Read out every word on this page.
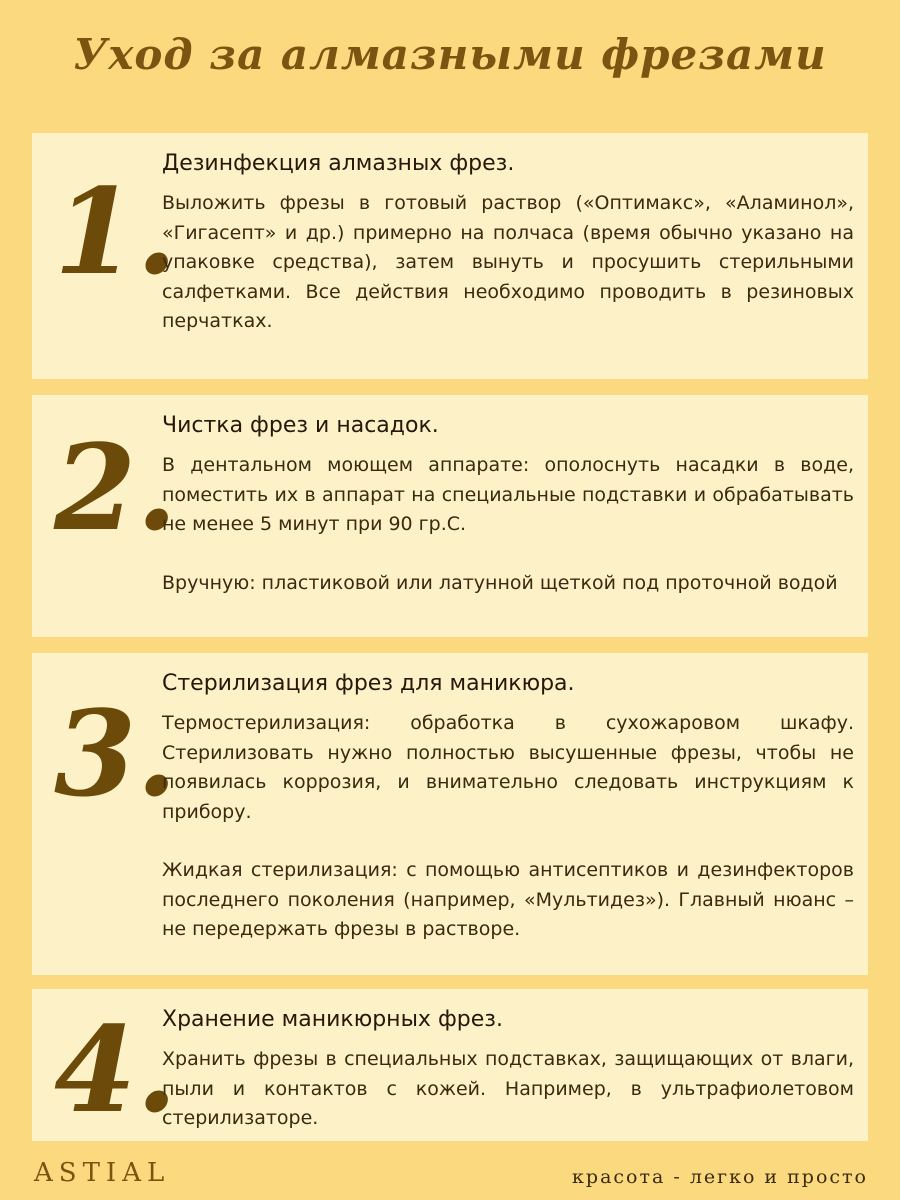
Уход за алмазными фрезами
1.

Дезинфекция алмазных фрез.

Выложить фрезы в готовый раствор («Оптимакс», «Аламинол», «Гигасепт» и др.) примерно на полчаса (время обычно указано на упаковке средства), затем вынуть и просушить стерильными салфетками. Все действия необходимо проводить в резиновых перчатках.

2.

Чистка фрез и насадок.

В дентальном моющем аппарате: ополоснуть насадки в воде, поместить их в аппарат на специальные подставки и обрабатывать не менее 5 минут при 90 гр.С.

Вручную: пластиковой или латунной щеткой под проточной водой

3.

Стерилизация фрез для маникюра.

Термостерилизация: обработка в сухожаровом шкафу. Стерилизовать нужно полностью высушенные фрезы, чтобы не появилась коррозия, и внимательно следовать инструкциям к прибору.

Жидкая стерилизация: с помощью антисептиков и дезинфекторов последнего поколения (например, «Мультидез»). Главный нюанс – не передержать фрезы в растворе.

4.

Хранение маникюрных фрез.

Хранить фрезы в специальных подставках, защищающих от влаги, пыли и контактов с кожей. Например, в ультрафиолетовом стерилизаторе.

ASTIAL	красота - легко и просто
